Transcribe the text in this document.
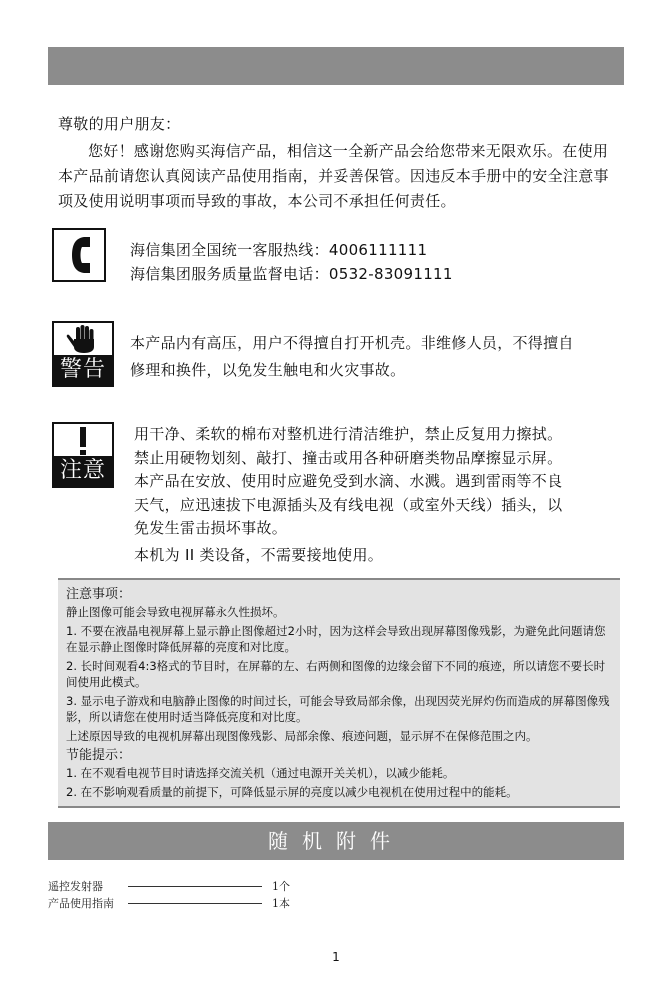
尊敬的用户朋友：

您好！感谢您购买海信产品，相信这一全新产品会给您带来无限欢乐。在使用本产品前请您认真阅读产品使用指南，并妥善保管。因违反本手册中的安全注意事项及使用说明事项而导致的事故，本公司不承担任何责任。

海信集团全国统一客服热线：4006111111

海信集团服务质量监督电话：0532-83091111

警告

本产品内有高压，用户不得擅自打开机壳。非维修人员，不得擅自

修理和换件，以免发生触电和火灾事故。

注意

用干净、柔软的棉布对整机进行清洁维护，禁止反复用力擦拭。

禁止用硬物划刻、敲打、撞击或用各种研磨类物品摩擦显示屏。

本产品在安放、使用时应避免受到水滴、水溅。遇到雷雨等不良

天气，应迅速拔下电源插头及有线电视（或室外天线）插头，以

免发生雷击损坏事故。

本机为 II 类设备，不需要接地使用。

注意事项：

静止图像可能会导致电视屏幕永久性损坏。

1. 不要在液晶电视屏幕上显示静止图像超过2小时，因为这样会导致出现屏幕图像残影，为避免此问题请您在显示静止图像时降低屏幕的亮度和对比度。

2. 长时间观看4:3格式的节目时，在屏幕的左、右两侧和图像的边缘会留下不同的痕迹，所以请您不要长时间使用此模式。

3. 显示电子游戏和电脑静止图像的时间过长，可能会导致局部余像，出现因荧光屏灼伤而造成的屏幕图像残影，所以请您在使用时适当降低亮度和对比度。

上述原因导致的电视机屏幕出现图像残影、局部余像、痕迹问题，显示屏不在保修范围之内。

节能提示：

1. 在不观看电视节目时请选择交流关机（通过电源开关关机），以减少能耗。

2. 在不影响观看质量的前提下，可降低显示屏的亮度以减少电视机在使用过程中的能耗。

随机附件
遥控发射器	1个
产品使用指南	1本
1
